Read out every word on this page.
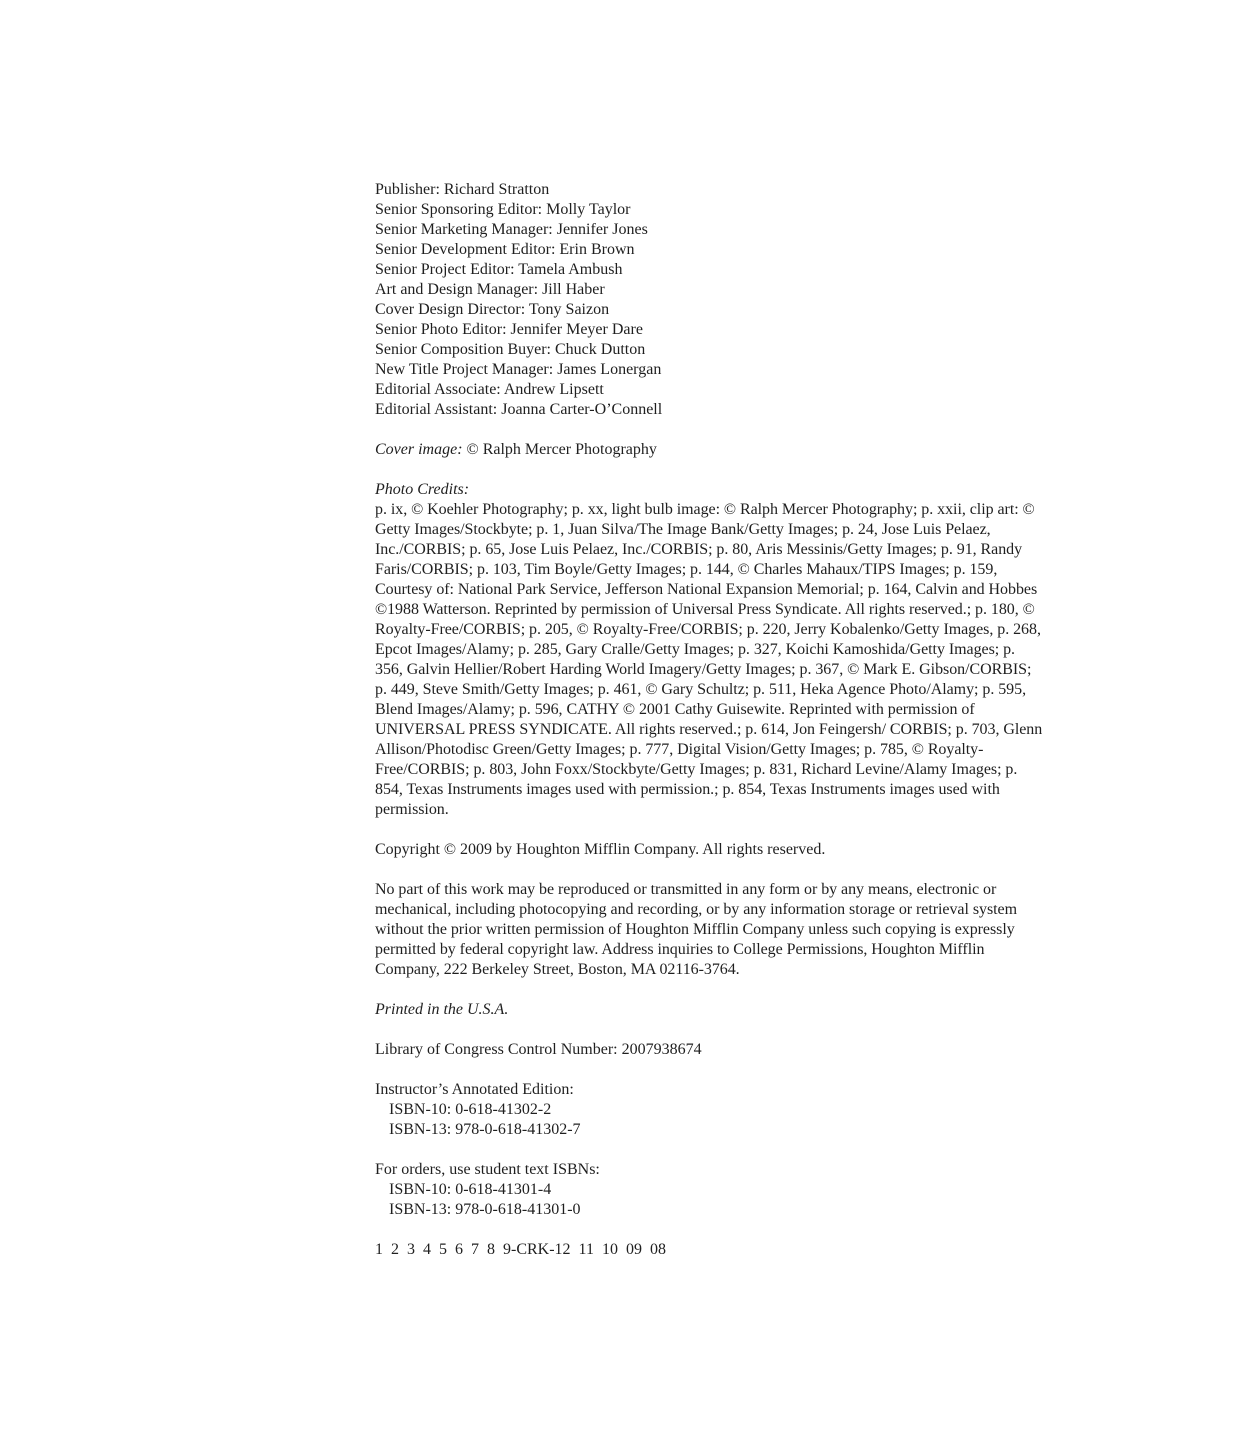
Publisher: Richard Stratton
Senior Sponsoring Editor: Molly Taylor
Senior Marketing Manager: Jennifer Jones
Senior Development Editor: Erin Brown
Senior Project Editor: Tamela Ambush
Art and Design Manager: Jill Haber
Cover Design Director: Tony Saizon
Senior Photo Editor: Jennifer Meyer Dare
Senior Composition Buyer: Chuck Dutton
New Title Project Manager: James Lonergan
Editorial Associate: Andrew Lipsett
Editorial Assistant: Joanna Carter-O’Connell
Cover image: © Ralph Mercer Photography
Photo Credits:
p. ix, © Koehler Photography; p. xx, light bulb image: © Ralph Mercer Photography; p. xxii, clip art: © Getty Images/Stockbyte; p. 1, Juan Silva/The Image Bank/Getty Images; p. 24, Jose Luis Pelaez, Inc./CORBIS; p. 65, Jose Luis Pelaez, Inc./CORBIS; p. 80, Aris Messinis/Getty Images; p. 91, Randy Faris/CORBIS; p. 103, Tim Boyle/Getty Images; p. 144, © Charles Mahaux/TIPS Images; p. 159, Courtesy of: National Park Service, Jefferson National Expansion Memorial; p. 164, Calvin and Hobbes ©1988 Watterson. Reprinted by permission of Universal Press Syndicate. All rights reserved.; p. 180, © Royalty-Free/CORBIS; p. 205, © Royalty-Free/CORBIS; p. 220, Jerry Kobalenko/Getty Images, p. 268, Epcot Images/Alamy; p. 285, Gary Cralle/Getty Images; p. 327, Koichi Kamoshida/Getty Images; p. 356, Galvin Hellier/Robert Harding World Imagery/Getty Images; p. 367, © Mark E. Gibson/CORBIS; p. 449, Steve Smith/Getty Images; p. 461, © Gary Schultz; p. 511, Heka Agence Photo/Alamy; p. 595, Blend Images/Alamy; p. 596, CATHY © 2001 Cathy Guisewite. Reprinted with permission of UNIVERSAL PRESS SYNDICATE. All rights reserved.; p. 614, Jon Feingersh/ CORBIS; p. 703, Glenn Allison/Photodisc Green/Getty Images; p. 777, Digital Vision/Getty Images; p. 785, © Royalty-Free/CORBIS; p. 803, John Foxx/Stockbyte/Getty Images; p. 831, Richard Levine/Alamy Images; p. 854, Texas Instruments images used with permission.; p. 854, Texas Instruments images used with permission.
Copyright © 2009 by Houghton Mifflin Company. All rights reserved.
No part of this work may be reproduced or transmitted in any form or by any means, electronic or mechanical, including photocopying and recording, or by any information storage or retrieval system without the prior written permission of Houghton Mifflin Company unless such copying is expressly permitted by federal copyright law. Address inquiries to College Permissions, Houghton Mifflin Company, 222 Berkeley Street, Boston, MA 02116-3764.
Printed in the U.S.A.
Library of Congress Control Number: 2007938674
Instructor’s Annotated Edition:
ISBN-10: 0-618-41302-2
ISBN-13: 978-0-618-41302-7
For orders, use student text ISBNs:
ISBN-10: 0-618-41301-4
ISBN-13: 978-0-618-41301-0
1  2  3  4  5  6  7  8  9-CRK-12  11  10  09  08
